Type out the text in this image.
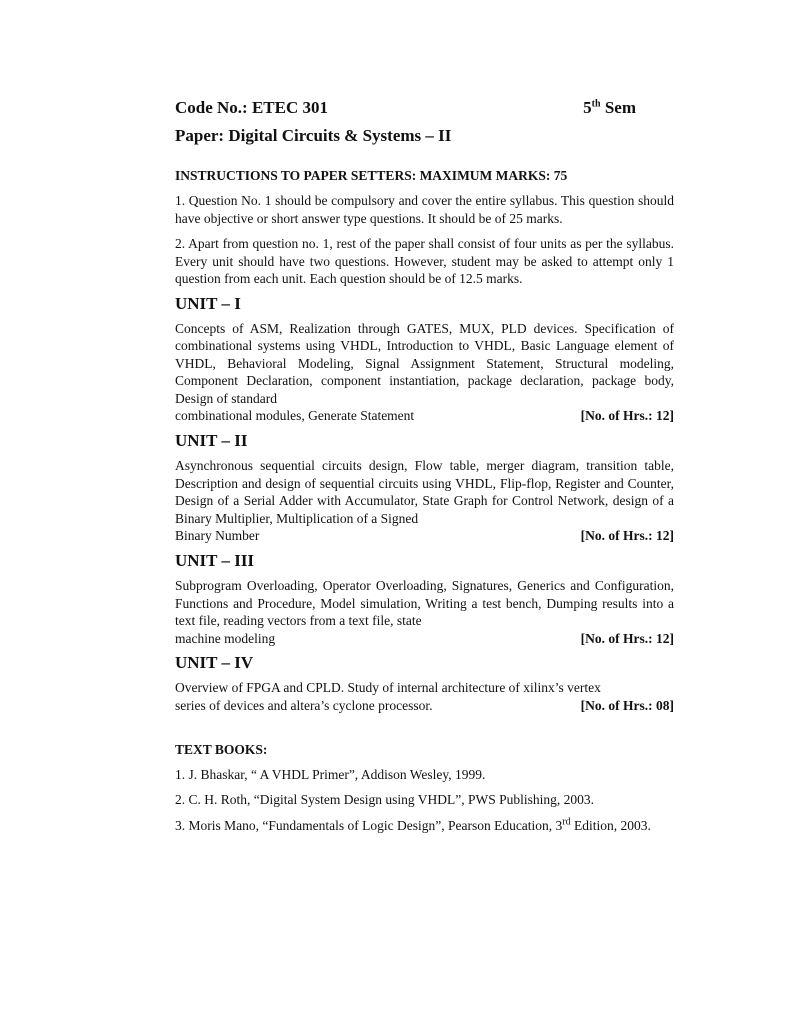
Code No.: ETEC 301	5th Sem
Paper: Digital Circuits & Systems – II
INSTRUCTIONS TO PAPER SETTERS: MAXIMUM MARKS: 75

1. Question No. 1 should be compulsory and cover the entire syllabus. This question should have objective or short answer type questions. It should be of 25 marks.

2. Apart from question no. 1, rest of the paper shall consist of four units as per the syllabus. Every unit should have two questions. However, student may be asked to attempt only 1 question from each unit. Each question should be of 12.5 marks.

UNIT – I
Concepts of ASM, Realization through GATES, MUX, PLD devices. Specification of combinational systems using VHDL, Introduction to VHDL, Basic Language element of VHDL, Behavioral Modeling, Signal Assignment Statement, Structural modeling, Component Declaration, component instantiation, package declaration, package body, Design of standard
combinational modules, Generate Statement	[No. of Hrs.: 12]
UNIT – II
Asynchronous sequential circuits design, Flow table, merger diagram, transition table, Description and design of sequential circuits using VHDL, Flip-flop, Register and Counter, Design of a Serial Adder with Accumulator, State Graph for Control Network, design of a Binary Multiplier, Multiplication of a Signed
Binary Number	[No. of Hrs.: 12]
UNIT – III
Subprogram Overloading, Operator Overloading, Signatures, Generics and Configuration, Functions and Procedure, Model simulation, Writing a test bench, Dumping results into a text file, reading vectors from a text file, state
machine modeling	[No. of Hrs.: 12]
UNIT – IV
Overview of FPGA and CPLD. Study of internal architecture of xilinx’s vertex
series of devices and altera’s cyclone processor.	[No. of Hrs.: 08]
TEXT BOOKS:
1. J. Bhaskar, “ A VHDL Primer”, Addison Wesley, 1999.
2. C. H. Roth, “Digital System Design using VHDL”, PWS Publishing, 2003.
3. Moris Mano, “Fundamentals of Logic Design”, Pearson Education, 3rd Edition, 2003.
